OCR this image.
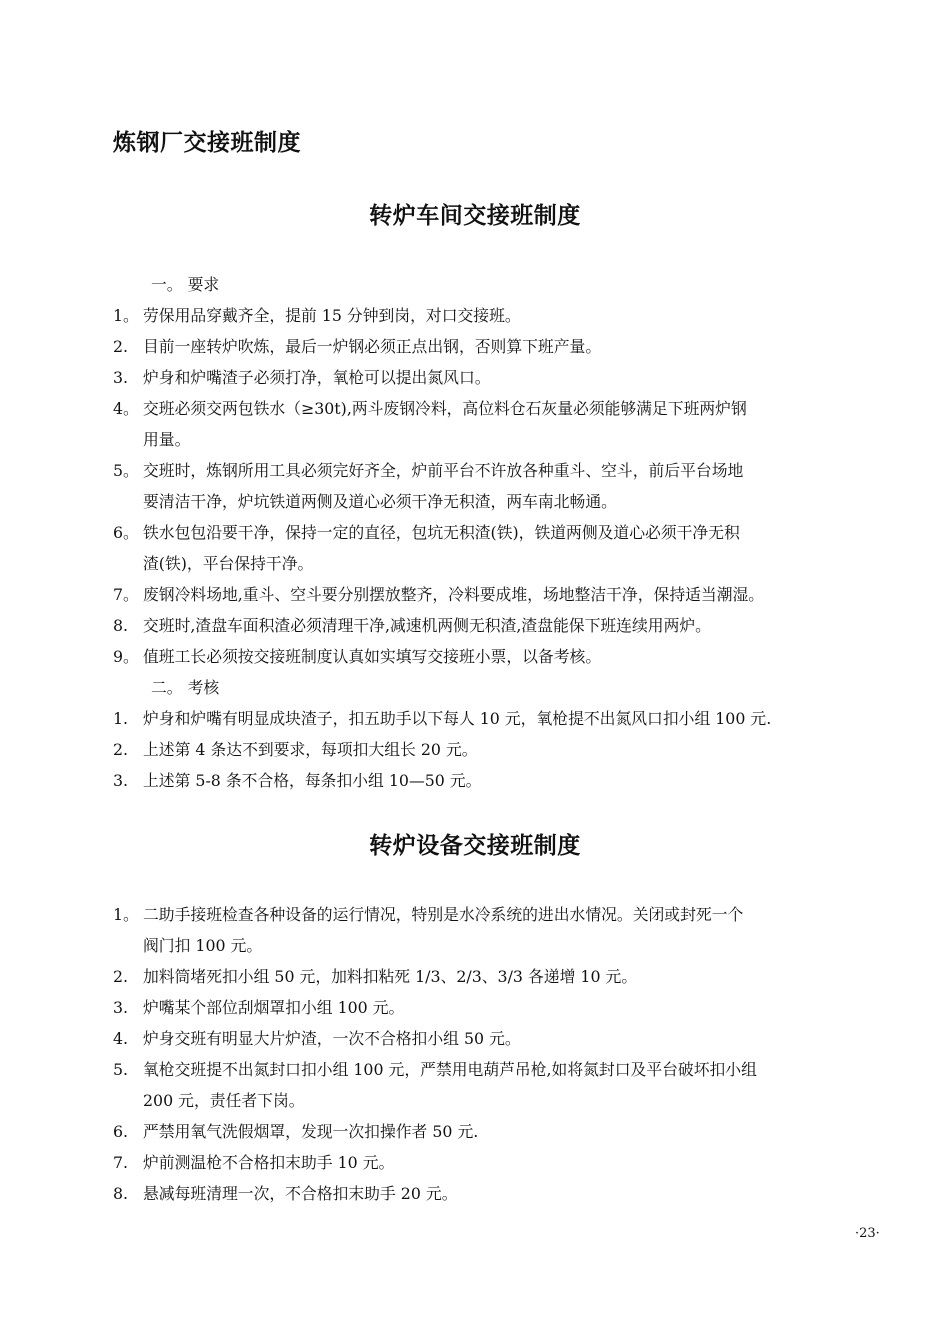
炼钢厂交接班制度
转炉车间交接班制度
一。 要求
1。 劳保用品穿戴齐全，提前 15 分钟到岗，对口交接班。
2. 目前一座转炉吹炼，最后一炉钢必须正点出钢，否则算下班产量。
3. 炉身和炉嘴渣子必须打净，氧枪可以提出氮风口。
4。 交班必须交两包铁水（≥30t),两斗废钢冷料，高位料仓石灰量必须能够满足下班两炉钢
用量。
5。 交班时，炼钢所用工具必须完好齐全，炉前平台不许放各种重斗、空斗，前后平台场地
要清洁干净，炉坑铁道两侧及道心必须干净无积渣，两车南北畅通。
6。 铁水包包沿要干净，保持一定的直径，包坑无积渣(铁)，铁道两侧及道心必须干净无积
渣(铁)，平台保持干净。
7。 废钢冷料场地,重斗、空斗要分别摆放整齐，冷料要成堆，场地整洁干净，保持适当潮湿。
8. 交班时,渣盘车面积渣必须清理干净,减速机两侧无积渣,渣盘能保下班连续用两炉。
9。 值班工长必须按交接班制度认真如实填写交接班小票，以备考核。
二。 考核
1. 炉身和炉嘴有明显成块渣子，扣五助手以下每人 10 元，氧枪提不出氮风口扣小组 100 元.
2. 上述第 4 条达不到要求，每项扣大组长 20 元。
3. 上述第 5-8 条不合格，每条扣小组 10—50 元。
转炉设备交接班制度
1。 二助手接班检查各种设备的运行情况，特别是水冷系统的进出水情况。关闭或封死一个
阀门扣 100 元。
2. 加料筒堵死扣小组 50 元，加料扣粘死 1/3、2/3、3/3 各递增 10 元。
3. 炉嘴某个部位刮烟罩扣小组 100 元。
4. 炉身交班有明显大片炉渣，一次不合格扣小组 50 元。
5. 氧枪交班提不出氮封口扣小组 100 元，严禁用电葫芦吊枪,如将氮封口及平台破坏扣小组
200 元，责任者下岗。
6. 严禁用氧气洗假烟罩，发现一次扣操作者 50 元.
7. 炉前测温枪不合格扣末助手 10 元。
8. 悬减每班清理一次，不合格扣末助手 20 元。
·23·
